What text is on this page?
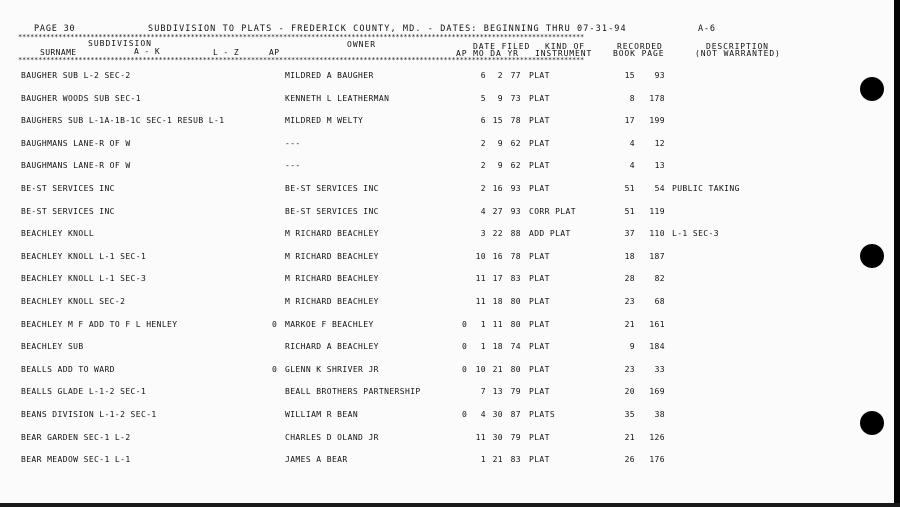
PAGE 30	SUBDIVISION TO PLATS - FREDERICK COUNTY, MD. - DATES: BEGINNING THRU 07-31-94	A-6
*********************************************************************************************************************************************
SUBDIVISION
A - K
SURNAME	L - Z	AP
OWNER	DATE FILED
AP MO DA YR
KIND OF
INSTRUMENT
RECORDED
BOOK PAGE
DESCRIPTION
(NOT WARRANTED)
*********************************************************************************************************************************************
BAUGHER SUB L-2 SEC-2	MILDRED A BAUGHER	6 2 77 PLAT	15 93
BAUGHER WOODS SUB SEC-1	KENNETH L LEATHERMAN	5 9 73 PLAT	8 178
BAUGHERS SUB L-1A-1B-1C SEC-1 RESUB L-1	MILDRED M WELTY	6 15 78 PLAT	17 199
BAUGHMANS LANE-R OF W	---	2 9 62 PLAT	4 12
BAUGHMANS LANE-R OF W	---	2 9 62 PLAT	4 13
BE-ST SERVICES INC	BE-ST SERVICES INC	2 16 93 PLAT	51 54 PUBLIC TAKING
BE-ST SERVICES INC	BE-ST SERVICES INC	4 27 93 CORR PLAT	51 119
BEACHLEY KNOLL	M RICHARD BEACHLEY	3 22 88 ADD PLAT	37 110 L-1 SEC-3
BEACHLEY KNOLL L-1 SEC-1	M RICHARD BEACHLEY	10 16 78 PLAT	18 187
BEACHLEY KNOLL L-1 SEC-3	M RICHARD BEACHLEY	11 17 83 PLAT	28 82
BEACHLEY KNOLL SEC-2	M RICHARD BEACHLEY	11 18 80 PLAT	23 68
BEACHLEY M F ADD TO F L HENLEY	0 MARKOE F BEACHLEY	0 1 11 80 PLAT	21 161
BEACHLEY SUB	RICHARD A BEACHLEY	0 1 18 74 PLAT	9 184
BEALLS ADD TO WARD	0 GLENN K SHRIVER JR	0 10 21 80 PLAT	23 33
BEALLS GLADE L-1-2 SEC-1	BEALL BROTHERS PARTNERSHIP	7 13 79 PLAT	20 169
BEANS DIVISION L-1-2 SEC-1	WILLIAM R BEAN	0 4 30 87 PLATS	35 38
BEAR GARDEN SEC-1 L-2	CHARLES D OLAND JR	11 30 79 PLAT	21 126
BEAR MEADOW SEC-1 L-1	JAMES A BEAR	1 21 83 PLAT	26 176
